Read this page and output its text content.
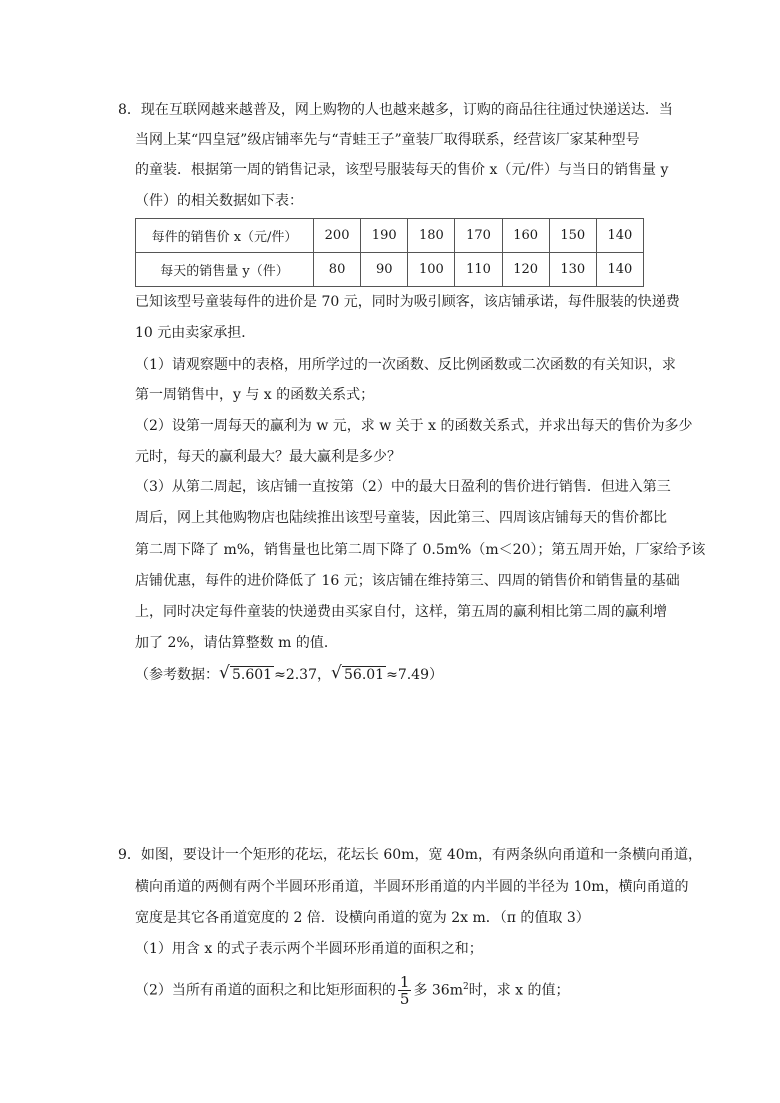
8．现在互联网越来越普及，网上购物的人也越来越多，订购的商品往往通过快递送达．当
当网上某“四皇冠”级店铺率先与“青蛙王子”童装厂取得联系，经营该厂家某种型号
的童装．根据第一周的销售记录，该型号服装每天的售价 x（元/件）与当日的销售量 y
（件）的相关数据如下表：
每件的销售价 x（元/件）	200	190	180	170	160	150	140
每天的销售量 y（件）	80	90	100	110	120	130	140
已知该型号童装每件的进价是 70 元，同时为吸引顾客，该店铺承诺，每件服装的快递费
10 元由卖家承担．
（1）请观察题中的表格，用所学过的一次函数、反比例函数或二次函数的有关知识，求
第一周销售中，y 与 x 的函数关系式；
（2）设第一周每天的赢利为 w 元，求 w 关于 x 的函数关系式，并求出每天的售价为多少
元时，每天的赢利最大？最大赢利是多少？
（3）从第二周起，该店铺一直按第（2）中的最大日盈利的售价进行销售．但进入第三
周后，网上其他购物店也陆续推出该型号童装，因此第三、四周该店铺每天的售价都比
第二周下降了 m%，销售量也比第二周下降了 0.5m%（m＜20）；第五周开始，厂家给予该
店铺优惠，每件的进价降低了 16 元；该店铺在维持第三、四周的销售价和销售量的基础
上，同时决定每件童装的快递费由买家自付，这样，第五周的赢利相比第二周的赢利增
加了 2%，请估算整数 m 的值．
（参考数据： √ 5.601 ≈2.37， √ 56.01 ≈7.49）
9．如图，要设计一个矩形的花坛，花坛长 60m，宽 40m，有两条纵向甬道和一条横向甬道，
横向甬道的两侧有两个半圆环形甬道，半圆环形甬道的内半圆的半径为 10m，横向甬道的
宽度是其它各甬道宽度的 2 倍．设横向甬道的宽为 2x m．（π 的值取 3）
（1）用含 x 的式子表示两个半圆环形甬道的面积之和；
（2）当所有甬道的面积之和比矩形面积的 $\frac{1}{5}$ 多 $36m^2$时，求 x 的值；
